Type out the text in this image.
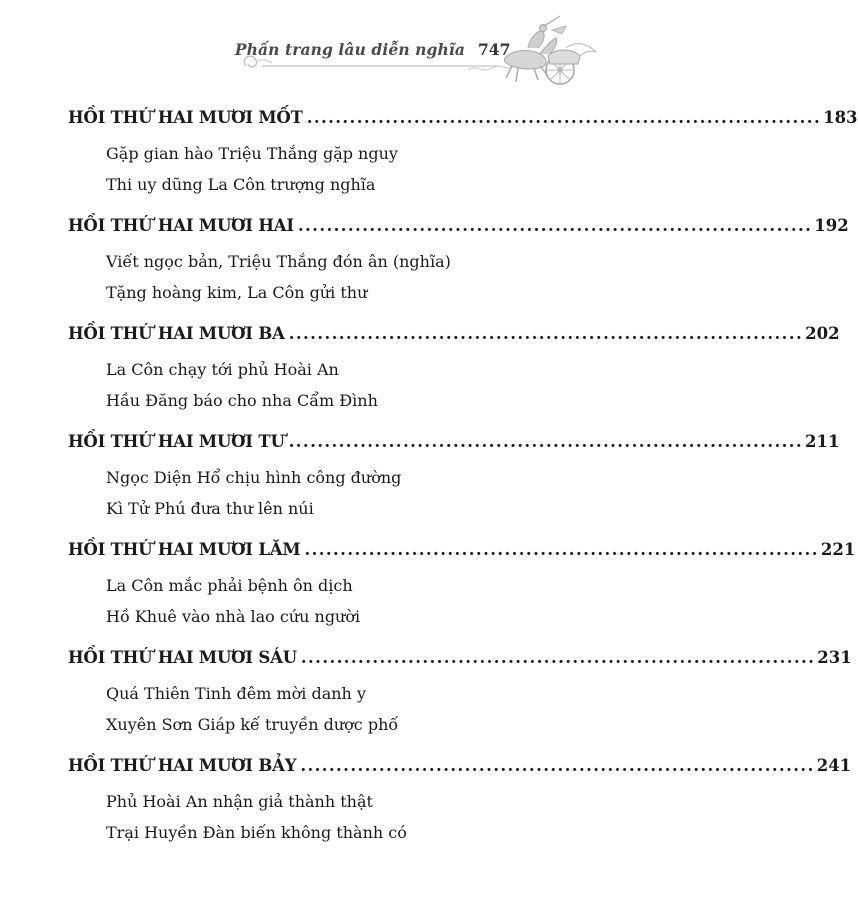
Phấn trang lâu diễn nghĩa 747
HỒI THỨ HAI MƯƠI MỐT ........................................................................ 183
Gặp gian hào Triệu Thắng gặp nguy
Thi uy dũng La Côn trượng nghĩa
HỒI THỨ HAI MƯƠI HAI ........................................................................ 192
Viết ngọc bản, Triệu Thắng đón ân (nghĩa)
Tặng hoàng kim, La Côn gửi thư
HỒI THỨ HAI MƯƠI BA ........................................................................ 202
La Côn chạy tới phủ Hoài An
Hầu Đăng báo cho nha Cẩm Đình
HỒI THỨ HAI MƯƠI TƯ ........................................................................ 211
Ngọc Diện Hổ chịu hình công đường
Kì Tử Phú đưa thư lên núi
HỒI THỨ HAI MƯƠI LĂM ........................................................................ 221
La Côn mắc phải bệnh ôn dịch
Hồ Khuê vào nhà lao cứu người
HỒI THỨ HAI MƯƠI SÁU ........................................................................ 231
Quá Thiên Tinh đêm mời danh y
Xuyên Sơn Giáp kế truyền dược phố
HỒI THỨ HAI MƯƠI BẢY ........................................................................ 241
Phủ Hoài An nhận giả thành thật
Trại Huyền Đàn biến không thành có
